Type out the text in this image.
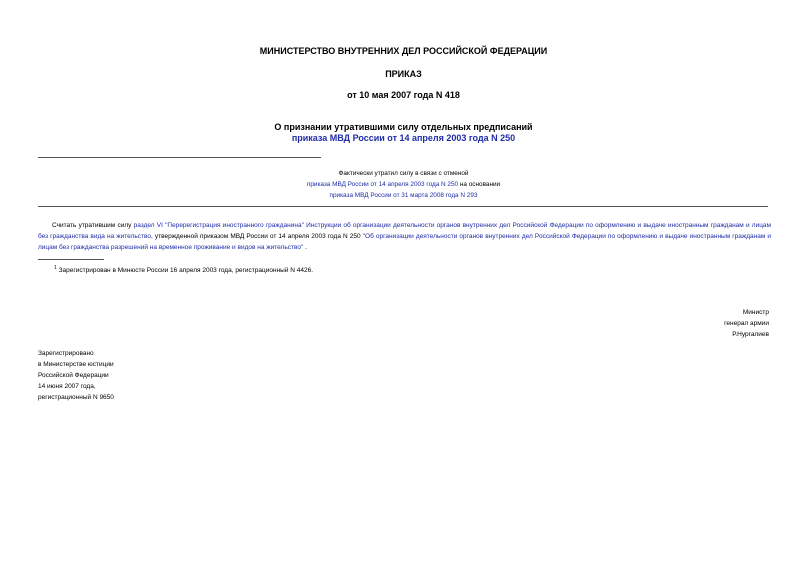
МИНИСТЕРСТВО ВНУТРЕННИХ ДЕЛ РОССИЙСКОЙ ФЕДЕРАЦИИ
ПРИКАЗ
от 10 мая 2007 года N 418
О признании утратившими силу отдельных предписаний
приказа МВД России от 14 апреля 2003 года N 250
Фактически утратил силу в связи с отменой
приказа МВД России от 14 апреля 2003 года N 250 на основании
приказа МВД России от 31 марта 2008 года N 293
Считать утратившим силу раздел VI "Перерегистрация иностранного гражданина" Инструкции об организации деятельности органов внутренних дел Российской Федерации по оформлению и выдаче иностранным гражданам и лицам без гражданства вида на жительство, утвержденной приказом МВД России от 14 апреля 2003 года N 250 "Об организации деятельности органов внутренних дел Российской Федерации по оформлению и выдаче иностранным гражданам и лицам без гражданства разрешений на временное проживание и видов на жительство" .
$^1$ Зарегистрирован в Минюсте России 16 апреля 2003 года, регистрационный N 4426.
Министр
генерал армии
Р.Нургалиев
Зарегистрировано
в Министерстве юстиции
Российской Федерации
14 июня 2007 года,
регистрационный N 9650
